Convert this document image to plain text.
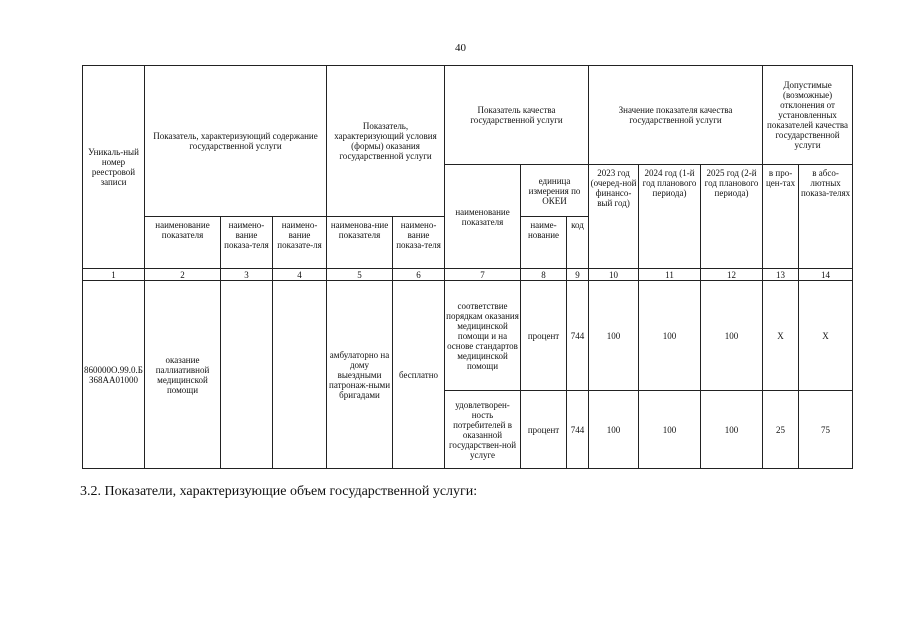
40
Уникаль-ный номер реестровой записи	Показатель, характеризующий содержание государственной услуги			Показатель, характеризующий условия (формы) оказания государственной услуги		Показатель качества государственной услуги			Значение показателя качества государственной услуги			Допустимые (возможные) отклонения от установленных показателей качества государственной услуги	
						наименование показателя	единица измерения по ОКЕИ		2023 год (очеред-ной финансо-вый год)	2024 год (1-й год планового периода)	2025 год (2-й год планового периода)	в про-цен-тах	в абсо-лютных показа-телях
	наименование показателя	наимено-вание показа-теля	наимено-вание показате-ля	наименова-ние показателя	наимено-вание показа-теля		наиме-нование	код					
1	2	3	4	5	6	7	8	9	10	11	12	13	14
860000О.99.0.БЗ68АА01000	оказание паллиативной медицинской помощи			амбулаторно на дому выездными патронаж-ными бригадами	бесплатно	соответствие порядкам оказания медицинской помощи и на основе стандартов медицинской помощи	процент	744	100	100	100	Х	Х
						удовлетворен-ность потребителей в оказанной государствен-ной услуге	процент	744	100	100	100	25	75
3.2. Показатели, характеризующие объем государственной услуги:
